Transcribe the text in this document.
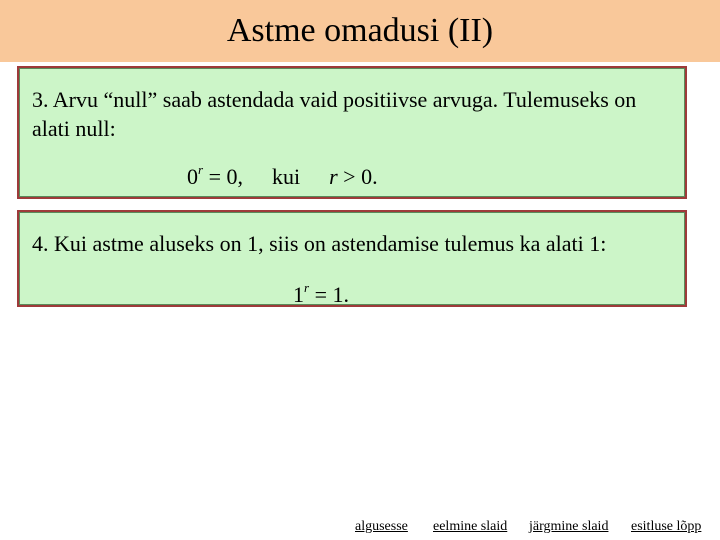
Astme omadusi (II)
3. Arvu “null” saab astendada vaid positiivse arvuga. Tulemuseks on alati null:
$0^r = 0$, kui r > 0.
4. Kui astme aluseks on 1, siis on astendamise tulemus ka alati 1:
$1^r = 1$.
algusesse eelmine slaid järgmine slaid esitluse lõpp
